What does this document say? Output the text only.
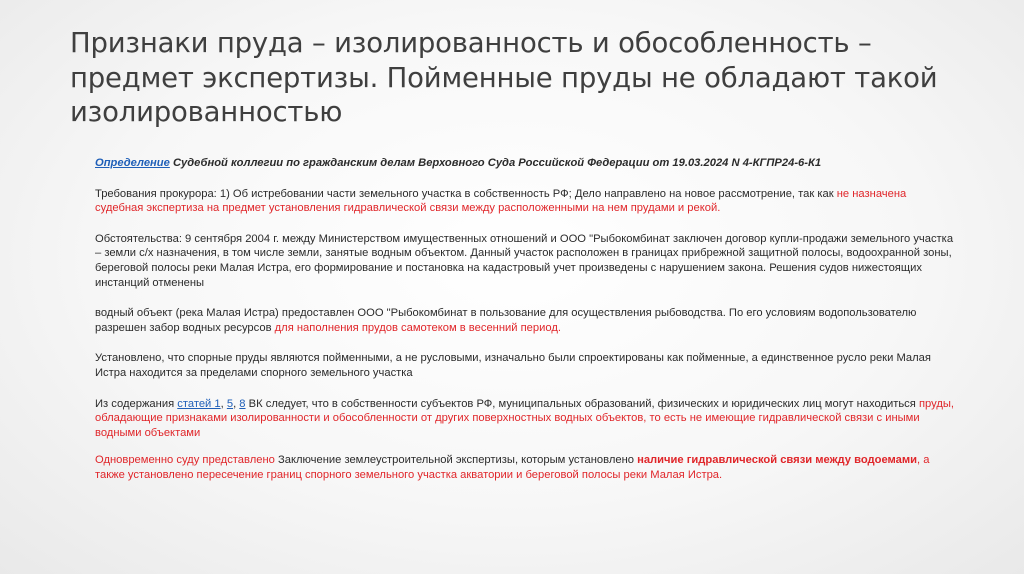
Признаки пруда – изолированность и обособленность – предмет экспертизы. Пойменные пруды не обладают такой изолированностью

Определение Судебной коллегии по гражданским делам Верховного Суда Российской Федерации от 19.03.2024 N 4-КГПР24-6-К1

Требования прокурора: 1) Об истребовании части земельного участка в собственность РФ; Дело направлено на новое рассмотрение, так как не назначена судебная экспертиза на предмет установления гидравлической связи между расположенными на нем прудами и рекой.

Обстоятельства: 9 сентября 2004 г. между Министерством имущественных отношений и ООО "Рыбокомбинат заключен договор купли-продажи земельного участка – земли с/х назначения, в том числе земли, занятые водным объектом. Данный участок расположен в границах прибрежной защитной полосы, водоохранной зоны, береговой полосы реки Малая Истра, его формирование и постановка на кадастровый учет произведены с нарушением закона. Решения судов нижестоящих инстанций отменены

водный объект (река Малая Истра) предоставлен ООО "Рыбокомбинат в пользование для осуществления рыбоводства. По его условиям водопользователю разрешен забор водных ресурсов для наполнения прудов самотеком в весенний период.

Установлено, что спорные пруды являются пойменными, а не русловыми, изначально были спроектированы как пойменные, а единственное русло реки Малая Истра находится за пределами спорного земельного участка

Из содержания статей 1, 5, 8 ВК следует, что в собственности субъектов РФ, муниципальных образований, физических и юридических лиц могут находиться пруды, обладающие признаками изолированности и обособленности от других поверхностных водных объектов, то есть не имеющие гидравлической связи с иными водными объектами

Одновременно суду представлено Заключение землеустроительной экспертизы, которым установлено наличие гидравлической связи между водоемами, а также установлено пересечение границ спорного земельного участка акватории и береговой полосы реки Малая Истра.
